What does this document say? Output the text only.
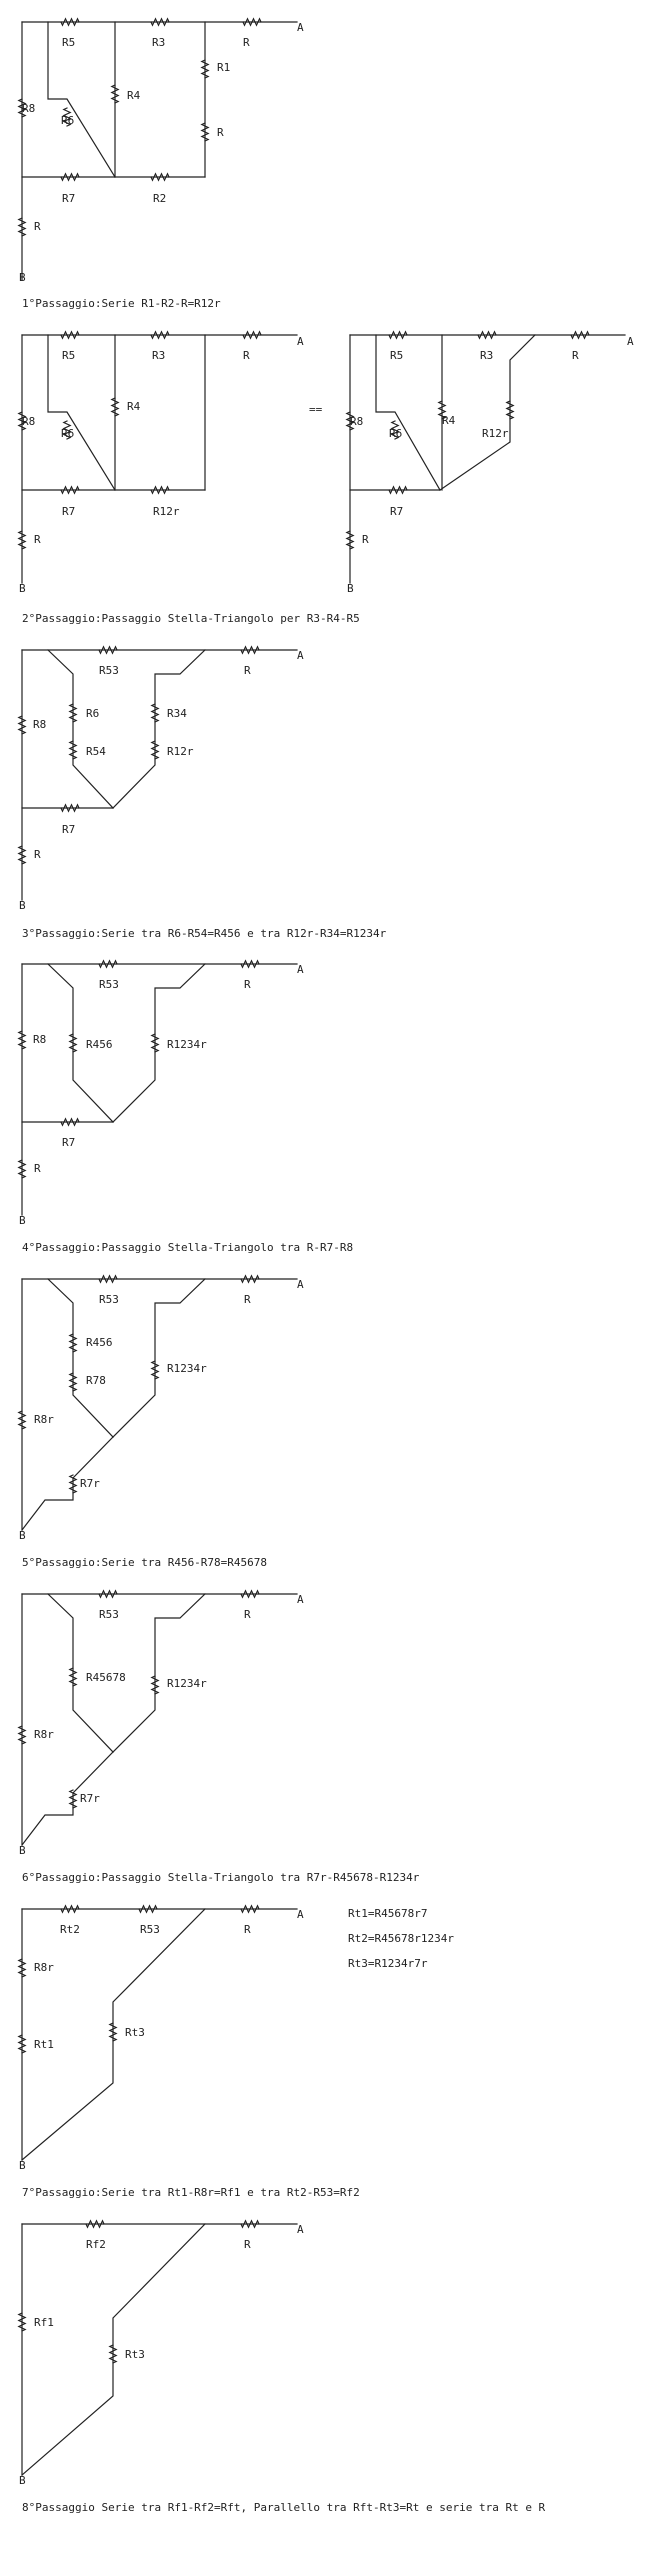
R5	R3	R
R8
R6
R4
R1
R
R7	R2
R
A
B
1°Passaggio:Serie R1-R2-R=R12r
R5	R3	R
R8
R6
R4
R7	R12r
R
A
B
==
R5	R3	R
R8
R6
R4
R12r
R7
R
A
B
2°Passaggio:Passaggio Stella-Triangolo per R3-R4-R5
R53	R
R8
R6	R34
R54	R12r
R7
R
A
B
3°Passaggio:Serie tra R6-R54=R456 e tra R12r-R34=R1234r
R53	R
R8	R456	R1234r
R7
R
A
B
4°Passaggio:Passaggio Stella-Triangolo tra R-R7-R8
R53	R
R456
R78
R1234r
R8r
R7r
A
B
5°Passaggio:Serie tra R456-R78=R45678
R53	R
R45678	R1234r
R8r
R7r
A
B
6°Passaggio:Passaggio Stella-Triangolo tra R7r-R45678-R1234r
Rt2	R53	R
R8r
Rt3
Rt1
A
B
Rt1=R45678r7
Rt2=R45678r1234r
Rt3=R1234r7r
7°Passaggio:Serie tra Rt1-R8r=Rf1 e tra Rt2-R53=Rf2
Rf2	R
Rf1
Rt3
A
B
8°Passaggio Serie tra Rf1-Rf2=Rft, Parallello tra Rft-Rt3=Rt e serie tra Rt e R
